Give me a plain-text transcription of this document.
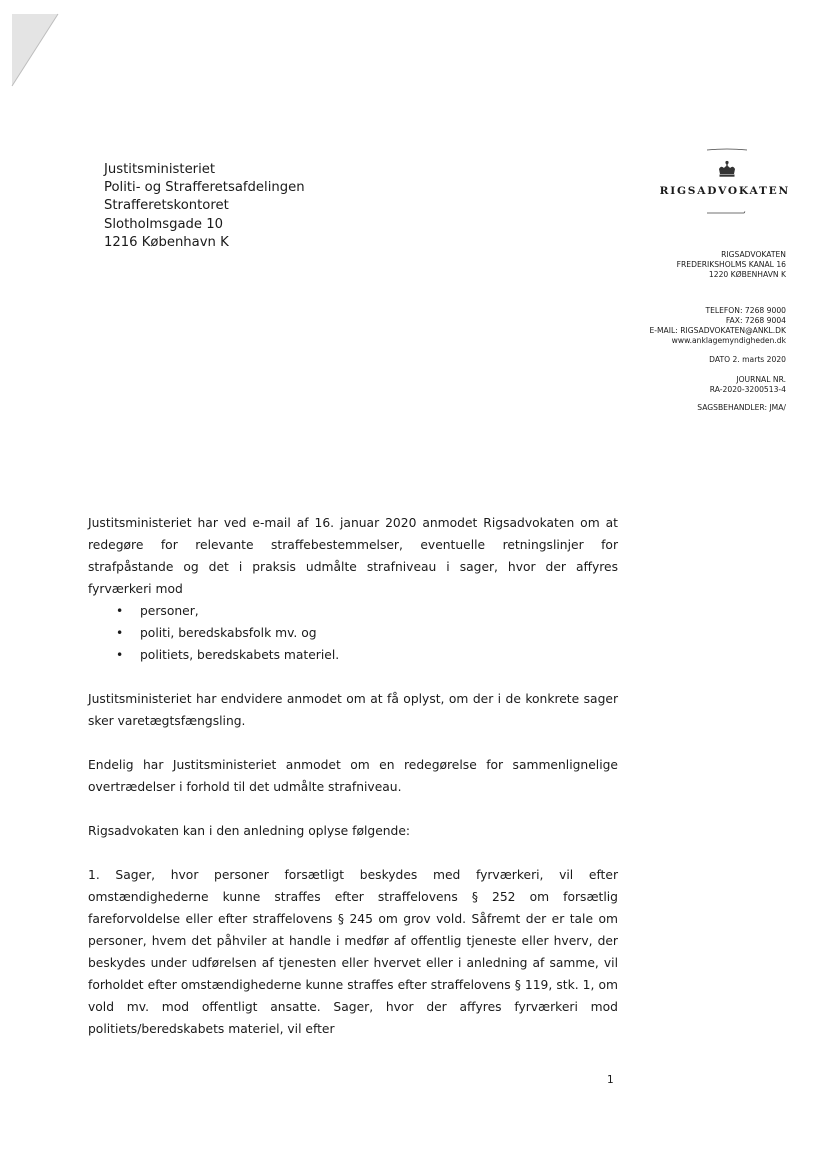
Justitsministeriet
Politi- og Strafferetsafdelingen
Strafferetskontoret
Slotholmsgade 10
1216 København K
RIGSADVOKATEN
RIGSADVOKATEN
FREDERIKSHOLMS KANAL 16
1220 KØBENHAVN K
TELEFON: 7268 9000
FAX: 7268 9004
E-MAIL: RIGSADVOKATEN@ANKL.DK
www.anklagemyndigheden.dk
DATO 2. marts 2020
JOURNAL NR.
RA-2020-3200513-4
SAGSBEHANDLER: JMA/

Justitsministeriet har ved e-mail af 16. januar 2020 anmodet Rigsadvokaten om at redegøre for relevante straffebestemmelser, eventuelle retningslinjer for strafpåstande og det i praksis udmålte strafniveau i sager, hvor der affyres fyrværkeri mod

• personer,
• politi, beredskabsfolk mv. og
• politiets, beredskabets materiel.

Justitsministeriet har endvidere anmodet om at få oplyst, om der i de konkrete sager sker varetægtsfængsling.

Endelig har Justitsministeriet anmodet om en redegørelse for sammenlignelige overtrædelser i forhold til det udmålte strafniveau.

Rigsadvokaten kan i den anledning oplyse følgende:

1. Sager, hvor personer forsætligt beskydes med fyrværkeri, vil efter omstændighederne kunne straffes efter straffelovens § 252 om forsætlig fareforvoldelse eller efter straffelovens § 245 om grov vold. Såfremt der er tale om personer, hvem det påhviler at handle i medfør af offentlig tjeneste eller hverv, der beskydes under udførelsen af tjenesten eller hvervet eller i anledning af samme, vil forholdet efter omstændighederne kunne straffes efter straffelovens § 119, stk. 1, om vold mv. mod offentligt ansatte. Sager, hvor der affyres fyrværkeri mod politiets/beredskabets materiel, vil efter

1
